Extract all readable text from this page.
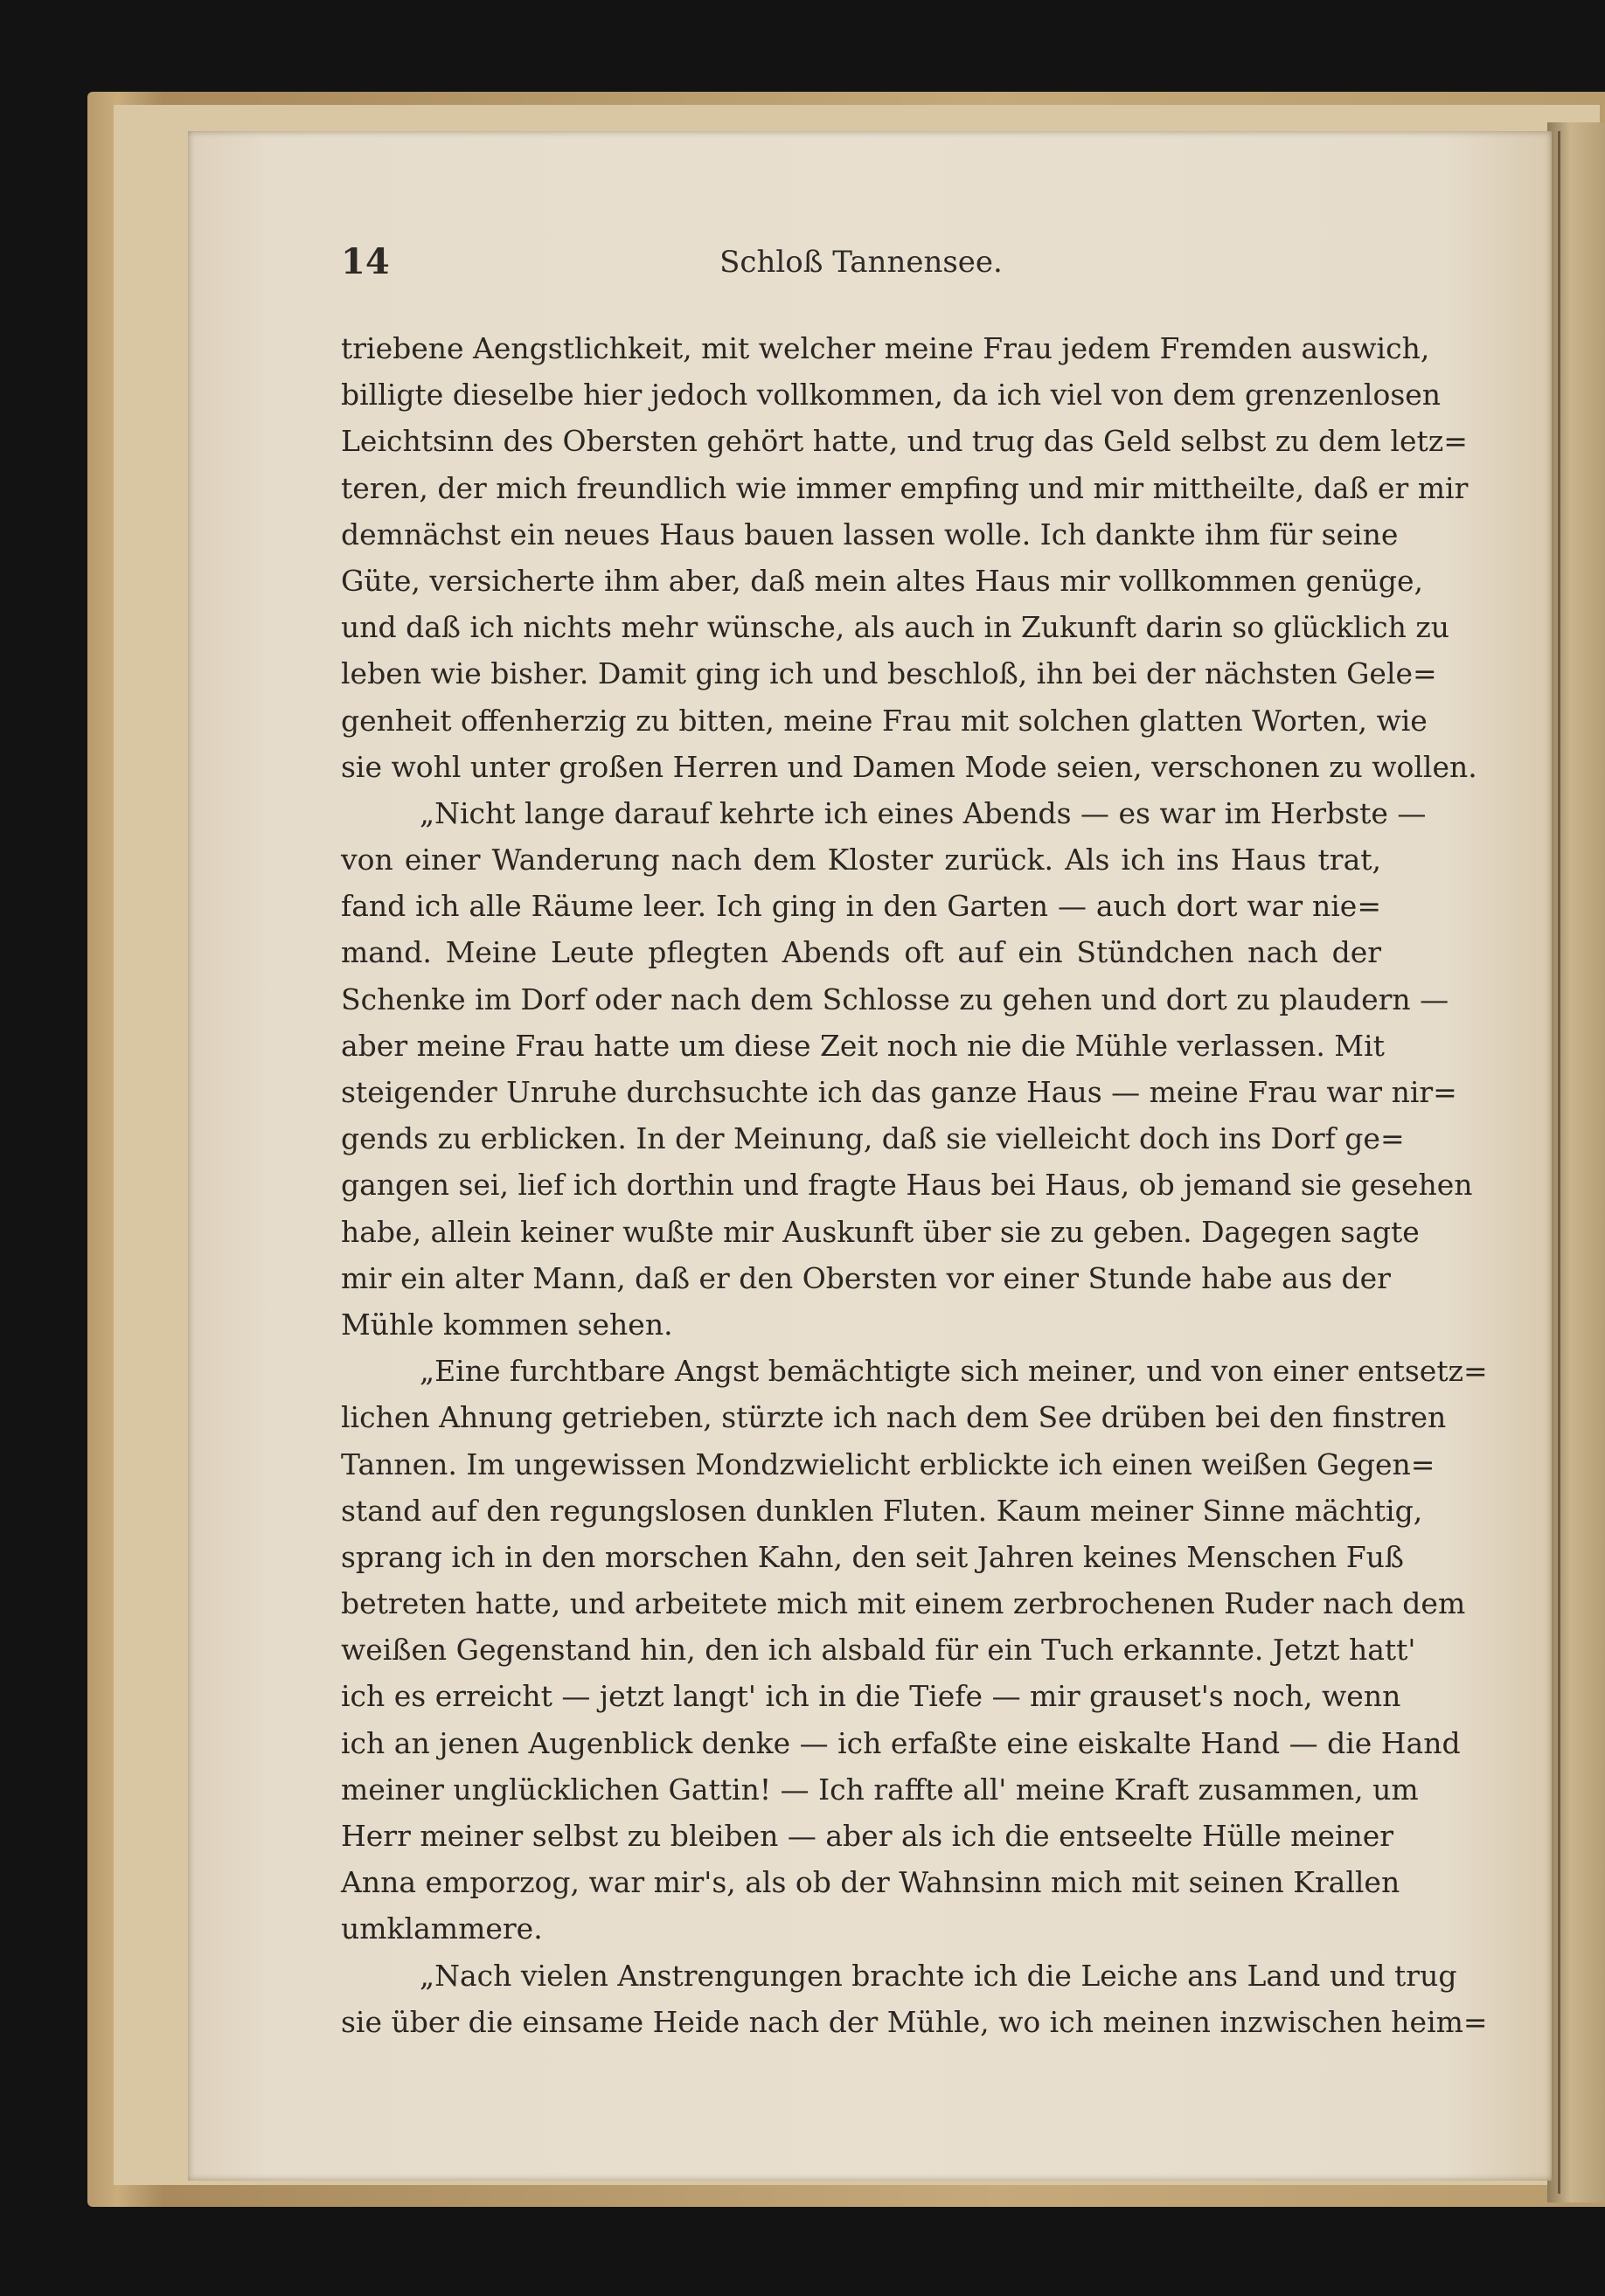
14	Schloß Tannensee.
triebene Aengstlichkeit, mit welcher meine Frau jedem Fremden auswich,
billigte dieselbe hier jedoch vollkommen, da ich viel von dem grenzenlosen
Leichtsinn des Obersten gehört hatte, und trug das Geld selbst zu dem letz=
teren, der mich freundlich wie immer empfing und mir mittheilte, daß er mir
demnächst ein neues Haus bauen lassen wolle. Ich dankte ihm für seine
Güte, versicherte ihm aber, daß mein altes Haus mir vollkommen genüge,
und daß ich nichts mehr wünsche, als auch in Zukunft darin so glücklich zu
leben wie bisher. Damit ging ich und beschloß, ihn bei der nächsten Gele=
genheit offenherzig zu bitten, meine Frau mit solchen glatten Worten, wie
sie wohl unter großen Herren und Damen Mode seien, verschonen zu wollen.
„Nicht lange darauf kehrte ich eines Abends — es war im Herbste —
von einer Wanderung nach dem Kloster zurück. Als ich ins Haus trat,
fand ich alle Räume leer. Ich ging in den Garten — auch dort war nie=
mand. Meine Leute pflegten Abends oft auf ein Stündchen nach der
Schenke im Dorf oder nach dem Schlosse zu gehen und dort zu plaudern —
aber meine Frau hatte um diese Zeit noch nie die Mühle verlassen. Mit
steigender Unruhe durchsuchte ich das ganze Haus — meine Frau war nir=
gends zu erblicken. In der Meinung, daß sie vielleicht doch ins Dorf ge=
gangen sei, lief ich dorthin und fragte Haus bei Haus, ob jemand sie gesehen
habe, allein keiner wußte mir Auskunft über sie zu geben. Dagegen sagte
mir ein alter Mann, daß er den Obersten vor einer Stunde habe aus der
Mühle kommen sehen.
„Eine furchtbare Angst bemächtigte sich meiner, und von einer entsetz=
lichen Ahnung getrieben, stürzte ich nach dem See drüben bei den finstren
Tannen. Im ungewissen Mondzwielicht erblickte ich einen weißen Gegen=
stand auf den regungslosen dunklen Fluten. Kaum meiner Sinne mächtig,
sprang ich in den morschen Kahn, den seit Jahren keines Menschen Fuß
betreten hatte, und arbeitete mich mit einem zerbrochenen Ruder nach dem
weißen Gegenstand hin, den ich alsbald für ein Tuch erkannte. Jetzt hatt'
ich es erreicht — jetzt langt' ich in die Tiefe — mir grauset's noch, wenn
ich an jenen Augenblick denke — ich erfaßte eine eiskalte Hand — die Hand
meiner unglücklichen Gattin! — Ich raffte all' meine Kraft zusammen, um
Herr meiner selbst zu bleiben — aber als ich die entseelte Hülle meiner
Anna emporzog, war mir's, als ob der Wahnsinn mich mit seinen Krallen
umklammere.
„Nach vielen Anstrengungen brachte ich die Leiche ans Land und trug
sie über die einsame Heide nach der Mühle, wo ich meinen inzwischen heim=
